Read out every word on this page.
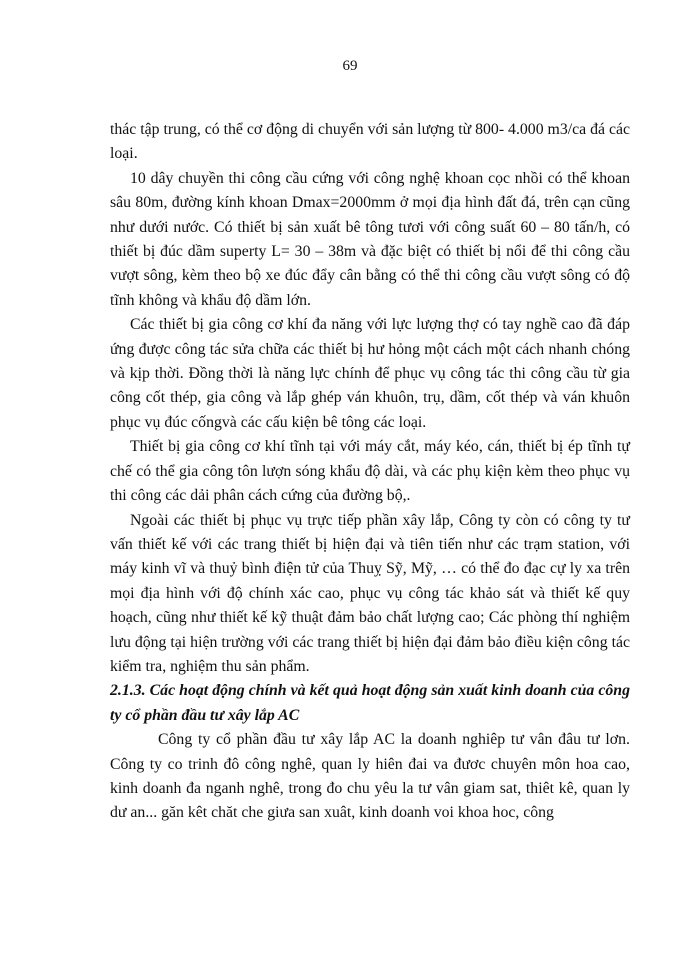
69

thác tập trung, có thể cơ động di chuyển với sản lượng từ 800- 4.000 m3/ca đá các loại.

10 dây chuyền thi công cầu cứng với công nghệ khoan cọc nhồi có thể khoan sâu 80m, đường kính khoan Dmax=2000mm ở mọi địa hình đất đá, trên cạn cũng như dưới nước. Có thiết bị sản xuất bê tông tươi với công suất 60 – 80 tấn/h, có thiết bị đúc dầm superty L= 30 – 38m và đặc biệt có thiết bị nổi để thi công cầu vượt sông, kèm theo bộ xe đúc đẩy cân bằng có thể thi công cầu vượt sông có độ tĩnh không và khẩu độ dầm lớn.

Các thiết bị gia công cơ khí đa năng với lực lượng thợ có tay nghề cao đã đáp ứng được công tác sửa chữa các thiết bị hư hỏng một cách một cách nhanh chóng và kịp thời. Đồng thời là năng lực chính để phục vụ công tác thi công cầu từ gia công cốt thép, gia công và lắp ghép ván khuôn, trụ, dầm, cốt thép và ván khuôn phục vụ đúc cốngvà các cấu kiện bê tông các loại.

Thiết bị gia công cơ khí tĩnh tại với máy cắt, máy kéo, cán, thiết bị ép tĩnh tự chế có thể gia công tôn lượn sóng khẩu độ dài, và các phụ kiện kèm theo phục vụ thi công các dải phân cách cứng của đường bộ,.

Ngoài các thiết bị phục vụ trực tiếp phần xây lắp, Công ty còn có công ty tư vấn thiết kế với các trang thiết bị hiện đại và tiên tiến như các trạm station, với máy kinh vĩ và thuỷ bình điện tử của Thuỵ Sỹ, Mỹ, … có thể đo đạc cự ly xa trên mọi địa hình với độ chính xác cao, phục vụ công tác khảo sát và thiết kế quy hoạch, cũng như thiết kế kỹ thuật đảm bảo chất lượng cao; Các phòng thí nghiệm lưu động tại hiện trường với các trang thiết bị hiện đại đảm bảo điều kiện công tác kiểm tra, nghiệm thu sản phẩm.

2.1.3. Các hoạt động chính và kết quả hoạt động sản xuất kinh doanh của công ty cổ phần đầu tư xây lắp AC

Công ty cổ phần đầu tư xây lắp AC la doanh nghiêp tư vân đâu tư lơn. Công ty co trinh đô công nghê, quan ly hiên đai va đươc chuyên môn hoa cao, kinh doanh đa nganh nghê, trong đo chu yêu la tư vân giam sat, thiêt kê, quan ly dư an... găn kêt chăt che giưa san xuât, kinh doanh voi khoa hoc, công
